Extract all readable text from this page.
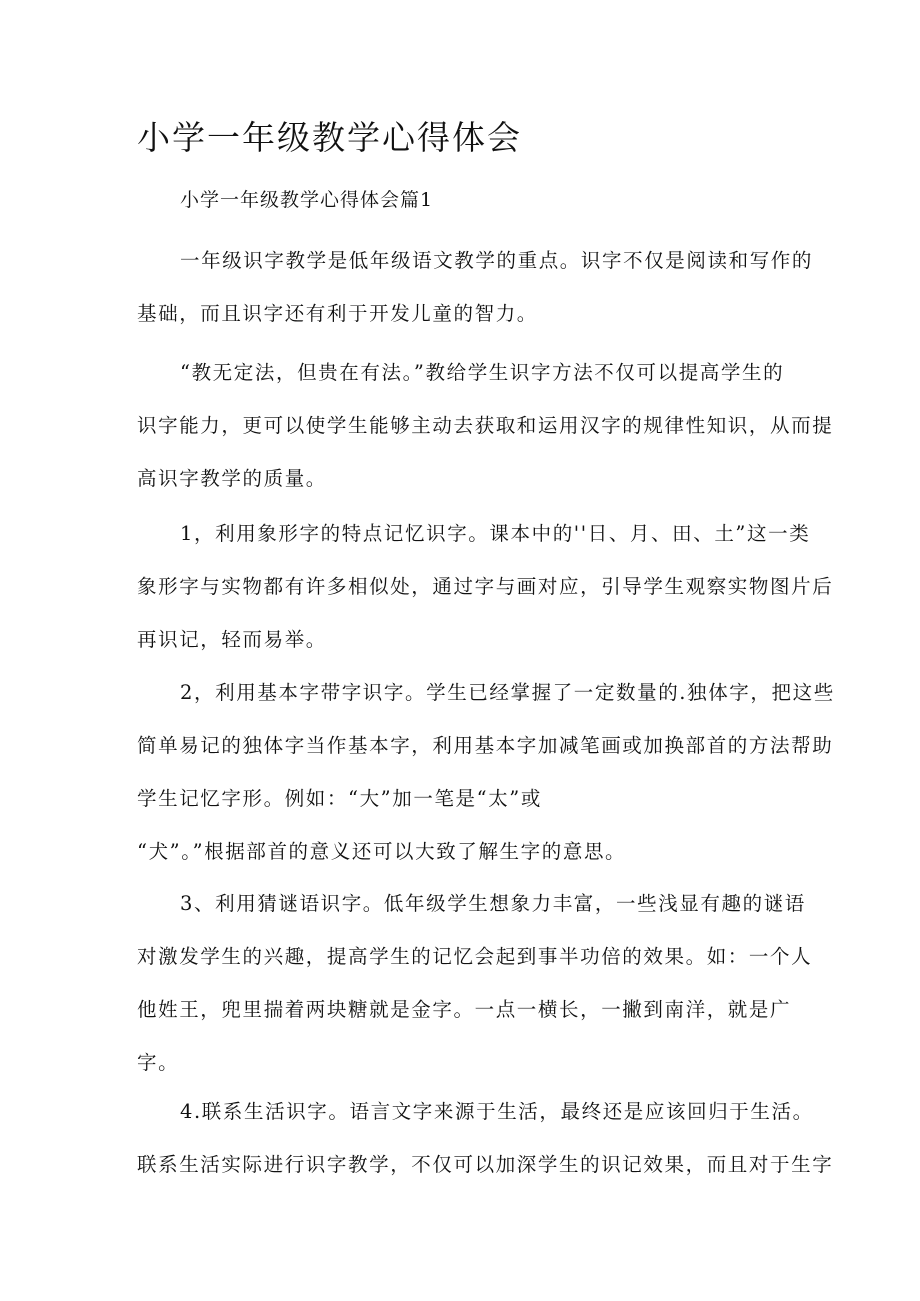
小学一年级教学心得体会
小学一年级教学心得体会篇1

一年级识字教学是低年级语文教学的重点。识字不仅是阅读和写作的
基础，而且识字还有利于开发儿童的智力。

“教无定法，但贵在有法。”教给学生识字方法不仅可以提高学生的
识字能力，更可以使学生能够主动去获取和运用汉字的规律性知识，从而提
高识字教学的质量。

1，利用象形字的特点记忆识字。课本中的''日、月、田、土”这一类
象形字与实物都有许多相似处，通过字与画对应，引导学生观察实物图片后
再识记，轻而易举。

2，利用基本字带字识字。学生已经掌握了一定数量的.独体字，把这些
简单易记的独体字当作基本字，利用基本字加减笔画或加换部首的方法帮助
学生记忆字形。例如：“大”加一笔是“太”或
“犬”。”根据部首的意义还可以大致了解生字的意思。

3、利用猜谜语识字。低年级学生想象力丰富，一些浅显有趣的谜语
对激发学生的兴趣，提高学生的记忆会起到事半功倍的效果。如：一个人
他姓王，兜里揣着两块糖就是金字。一点一横长，一撇到南洋，就是广
字。

4.联系生活识字。语言文字来源于生活，最终还是应该回归于生活。
联系生活实际进行识字教学，不仅可以加深学生的识记效果，而且对于生字
